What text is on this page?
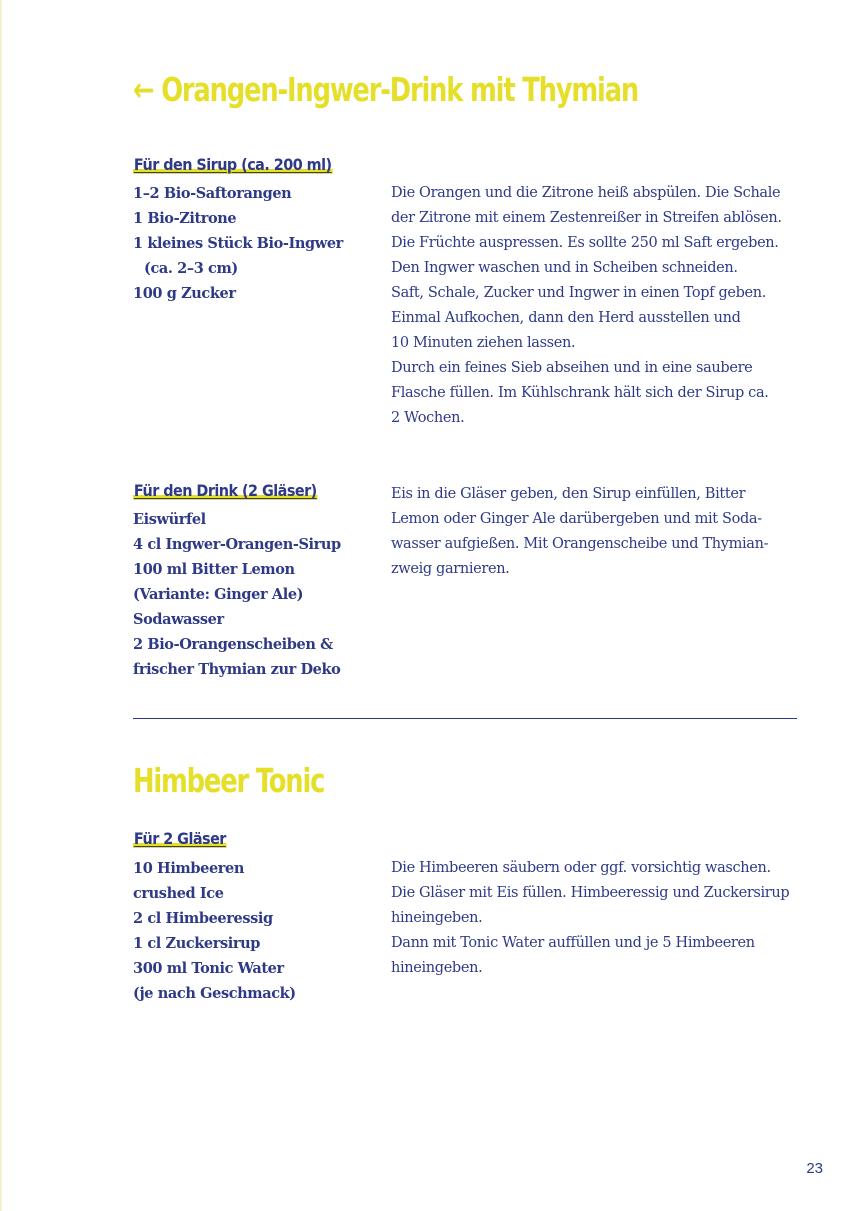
← Orangen-Ingwer-Drink mit Thymian
Für den Sirup (ca. 200 ml)
1–2 Bio-Saftorangen
1 Bio-Zitrone
1 kleines Stück Bio-Ingwer
(ca. 2–3 cm)
100 g Zucker
Die Orangen und die Zitrone heiß abspülen. Die Schale
der Zitrone mit einem Zestenreißer in Streifen ablösen.
Die Früchte auspressen. Es sollte 250 ml Saft ergeben.
Den Ingwer waschen und in Scheiben schneiden.
Saft, Schale, Zucker und Ingwer in einen Topf geben.
Einmal Aufkochen, dann den Herd ausstellen und
10 Minuten ziehen lassen.
Durch ein feines Sieb abseihen und in eine saubere
Flasche füllen. Im Kühlschrank hält sich der Sirup ca.
2 Wochen.
Für den Drink (2 Gläser)
Eiswürfel
4 cl Ingwer-Orangen-Sirup
100 ml Bitter Lemon
(Variante: Ginger Ale)
Sodawasser
2 Bio-Orangenscheiben &
frischer Thymian zur Deko
Eis in die Gläser geben, den Sirup einfüllen, Bitter
Lemon oder Ginger Ale darübergeben und mit Soda-
wasser aufgießen. Mit Orangenscheibe und Thymian-
zweig garnieren.
Himbeer Tonic
Für 2 Gläser
10 Himbeeren
crushed Ice
2 cl Himbeeressig
1 cl Zuckersirup
300 ml Tonic Water
(je nach Geschmack)
Die Himbeeren säubern oder ggf. vorsichtig waschen.
Die Gläser mit Eis füllen. Himbeeressig und Zuckersirup
hineingeben.
Dann mit Tonic Water auffüllen und je 5 Himbeeren
hineingeben.
23
